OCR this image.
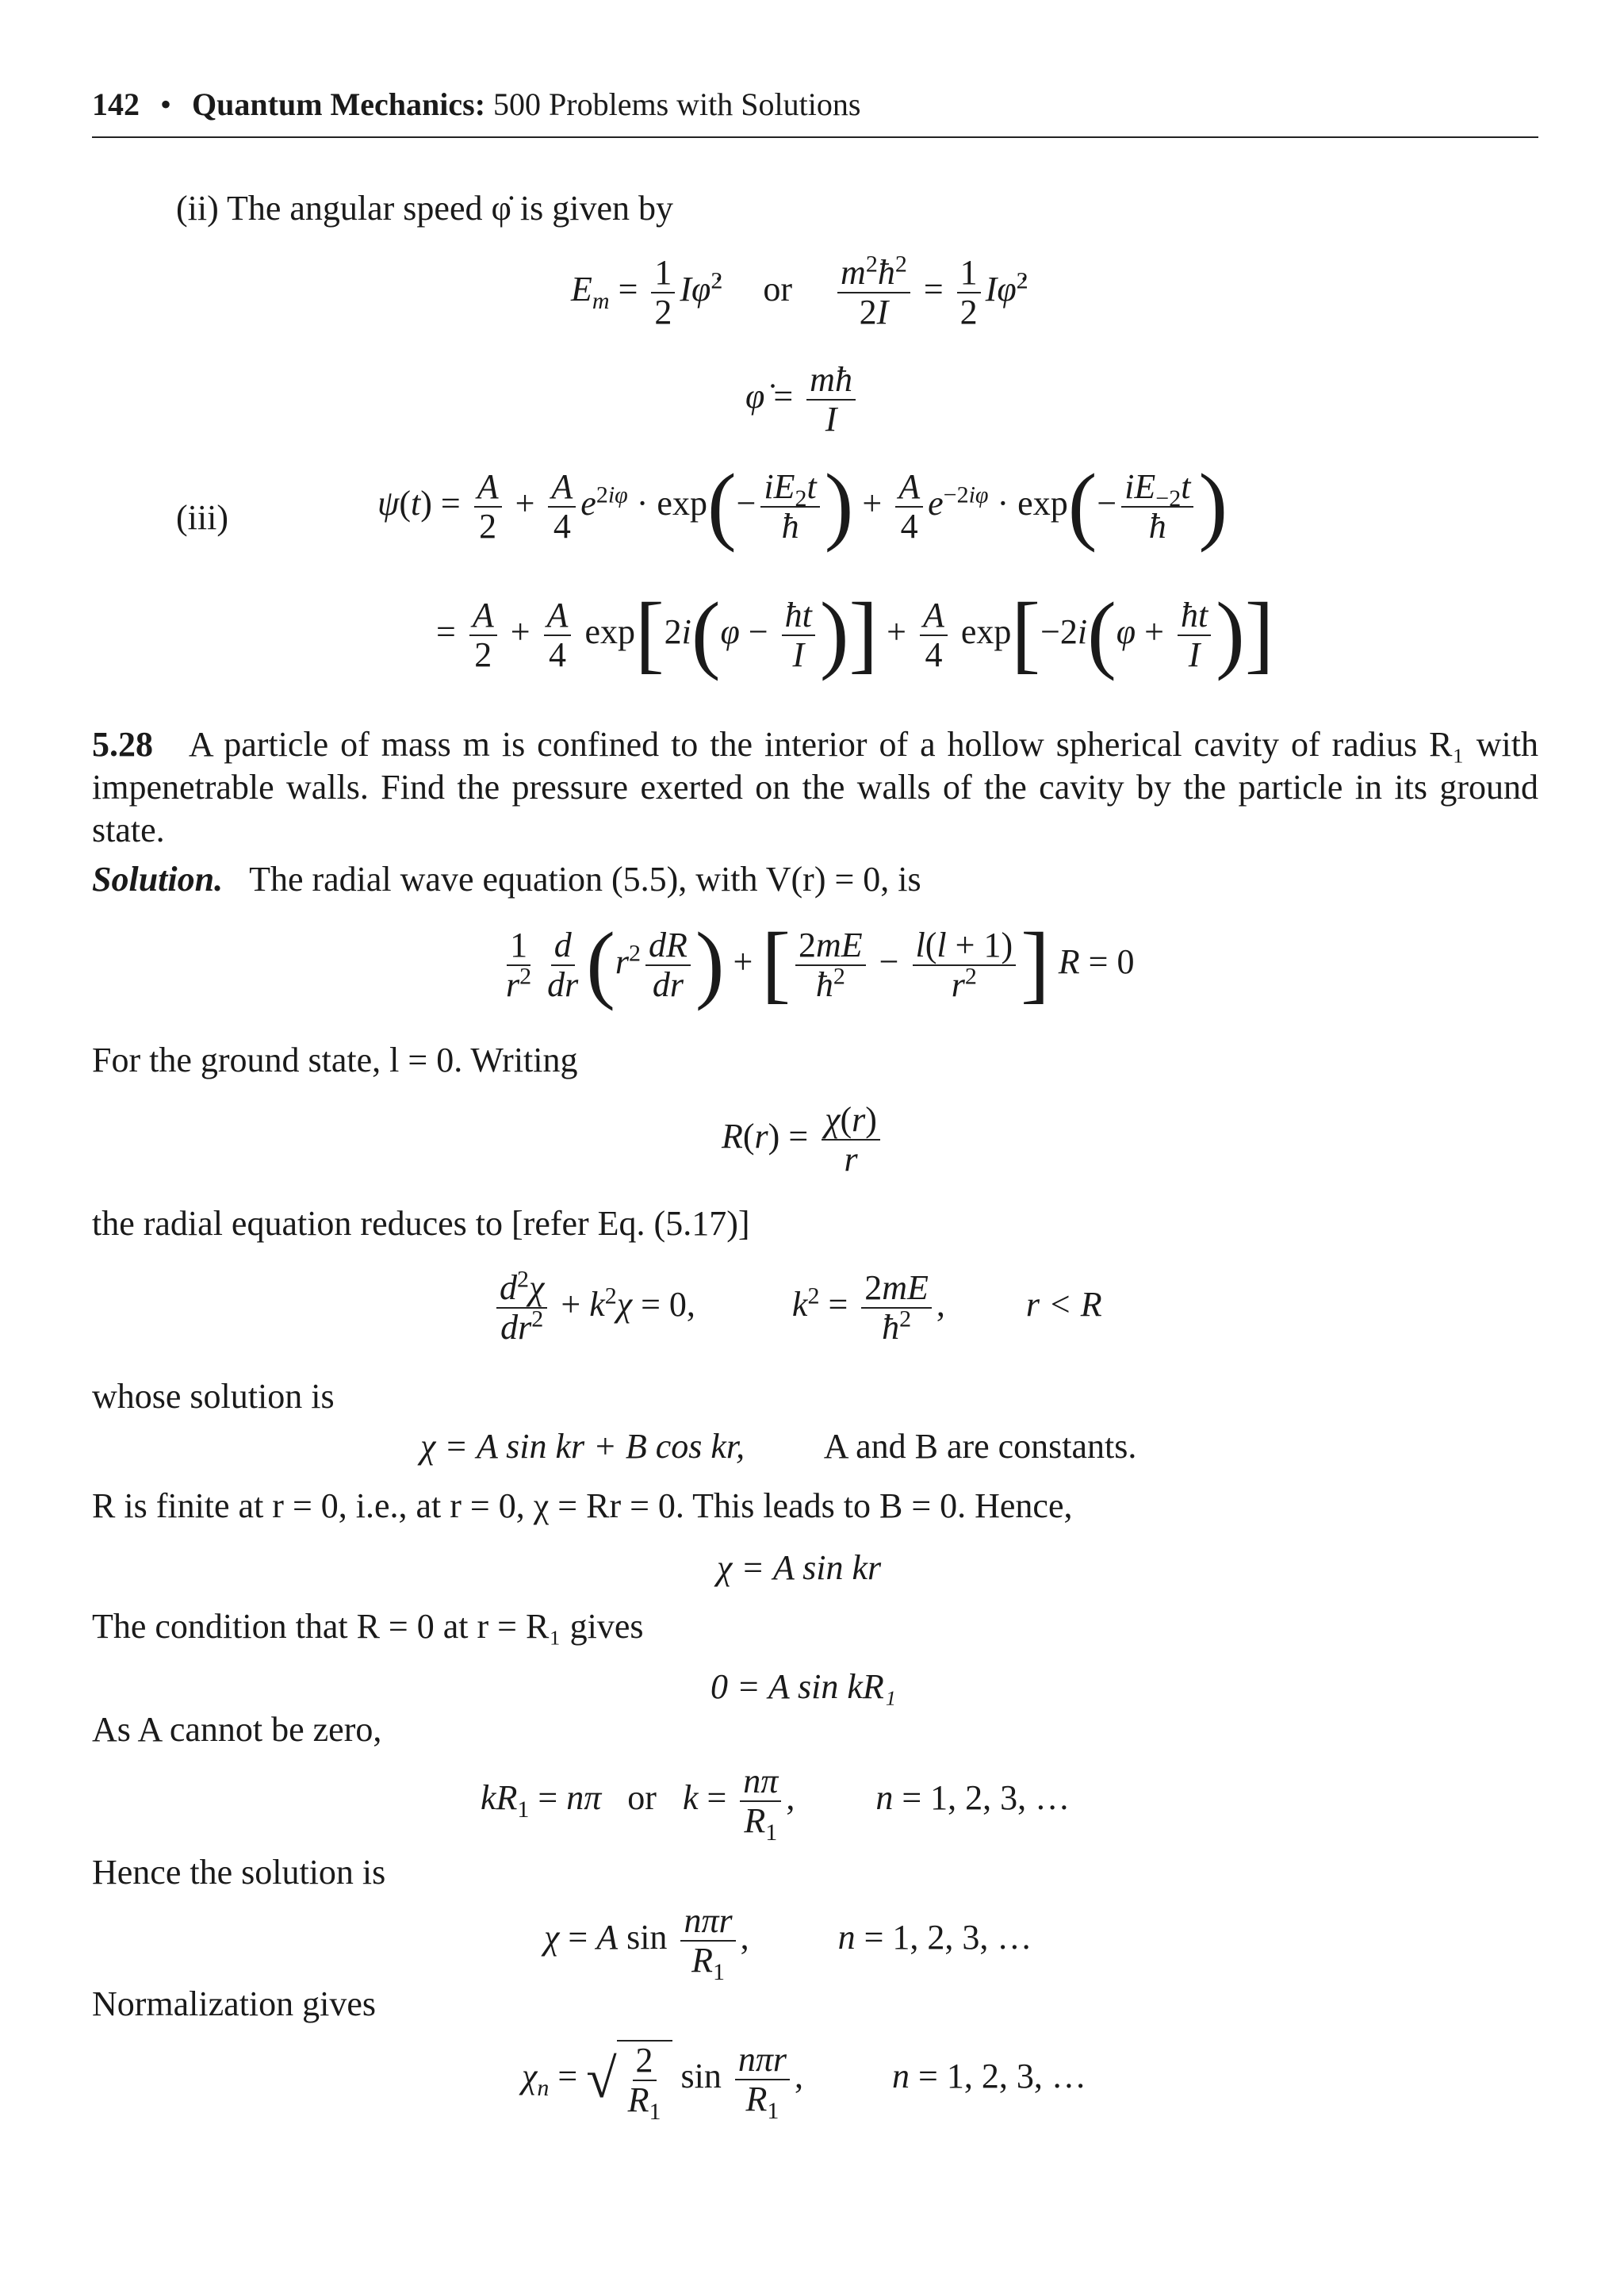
142 • Quantum Mechanics: 500 Problems with Solutions
(ii) The angular speed φ̇ is given by
$E_m = \frac{1}{2}$ Iφ̇$^2$ or $\frac{m^2ħ^2}{2I} = \frac{1}{2}$ Iφ̇$^2$
φ̇ = $\frac{mħ}{I}$
(iii)	$\psi(t) = \frac{A}{2} + \frac{A}{4} e^{2i\varphi} \cdot \exp(- \frac{iE_2t}{ħ}$ ) + $\frac{A}{4} e^{-2i\varphi} \cdot \exp(- \frac{iE_{-2}t}{ħ}$ )
= $\frac{A}{2} + \frac{A}{4} \exp[2i(\varphi - \frac{ħt}{I}$ )] + $\frac{A}{4} \exp[-2i(\varphi + \frac{ħt}{I}$ )]
5.28 A particle of mass m is confined to the interior of a hollow spherical cavity of radius R₁ with impenetrable walls. Find the pressure exerted on the walls of the cavity by the particle in its ground state.
Solution. The radial wave equation (5.5), with V(r) = 0, is
$\frac{1}{r^2} \frac{d}{dr} (r^2 \frac{dR}{dr}$ ) + [ $\frac{2mE}{ħ^2} - \frac{l(l + 1)}{r^2}$ ] R = 0
For the ground state, l = 0. Writing
$R(r) = \frac{\chi(r)}{r}$
the radial equation reduces to [refer Eq. (5.17)]
$\frac{d^2\chi}{dr^2} + k^2\chi = 0$,	$k^2 = \frac{2mE}{ħ^2}$ ,  r < R
whose solution is
χ = A sin kr + B cos kr, A and B are constants.
R is finite at r = 0, i.e., at r = 0, χ = Rr = 0. This leads to B = 0. Hence,
χ = A sin kr
The condition that R = 0 at r = R₁ gives
0 = A sin kR₁
As A cannot be zero,
$kR_1 = n\pi$ or $k = \frac{n\pi}{R_1}$ ,  n = 1, 2, 3, …
Hence the solution is
χ = A $\sin \frac{\text{nπr}}{R_1}$ ,  n = 1, 2, 3, …
Normalization gives
$\chi_n$ = √ $\frac{2}{R_1}$ $\sin \frac{\text{nπr}}{R_1}$ ,  n = 1, 2, 3, …
